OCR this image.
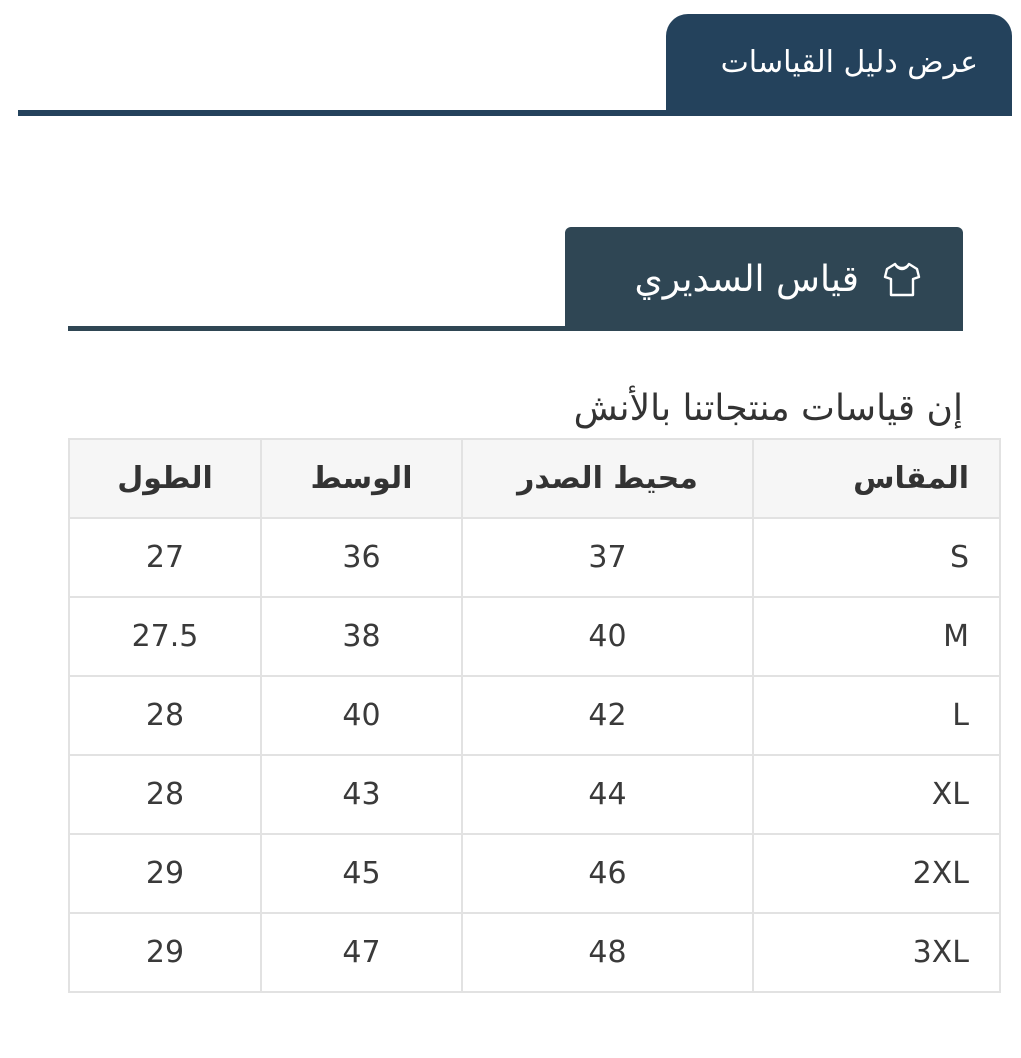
عرض دليل القياسات
قياس السديري
إن قياسات منتجاتنا بالأنش
المقاس	محيط الصدر	الوسط	الطول
S	37	36	27
M	40	38	27.5
L	42	40	28
XL	44	43	28
2XL	46	45	29
3XL	48	47	29
